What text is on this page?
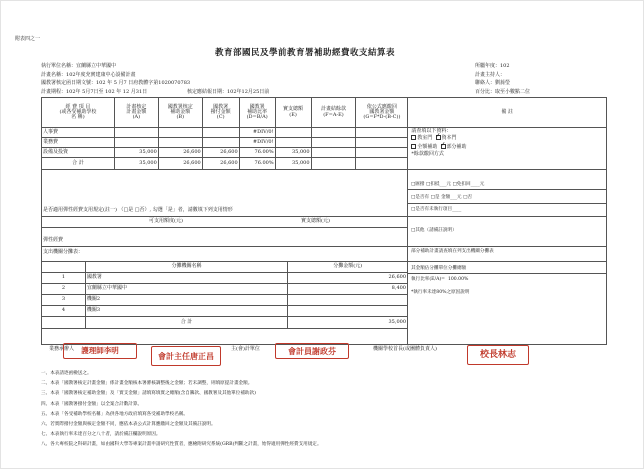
附表四之一
教育部國民及學前教育署補助經費收支結算表
執行單位名稱：宜蘭縣立中華國中
計畫名稱：102年度充實建康中心設備計畫
國教署核定函日期文號：102 年 5 月7 日府教體字第1020070783
計畫期程：102年 5月7日至 102 年 12 月31日	核定應結報日期：102年12月25日前
所屬年度：102
計畫主持人：
聯絡人：劉蕎瑩
百分比：取至小數點二位
經 費 項 目
(或各受補助學校
名 稱)	計畫核定
計畫金額
(A)	國教署核定
補助金額
(B)	國教署
撥付金額
(C)	國教署
補助比率
(D=B/A)	實支總額
(E)	計畫結餘款
(F=A-E)	依公式應繳回
國教署金額
(G=F*D-(B-C))	備 註
人事費				#DIV/0!				請查填以下資料：
教室門 ✓ 資本門
全額補助 ✓ 部分補助
*餘款繳回方式

業務費				#DIV/0!				
設備及投資	35,000	26,600	26,600	76.00%	35,000			
合 計	35,000	26,600	26,600	76.00%	35,000			
是否適用彈性經費支用規定(註一) （□是 □否）, 勾選「是」者，請數填下列支用情形
可支用額度(元)	實支總額(元)
彈性經費
支出機關分攤表：
	分攤機關名稱	分攤金額(元)
1	國教署	26,600
2	宜蘭縣立中華國中	8,400
3	機關2	
4	機關3	
	合 計	35,000
□匯撥 □扣抵___元 □免扣回____元
□是否有 □是 金額___元 □否
□是否有未執行項目____
□其他（請備註說明）
部分補助計畫請查填在列支出機關分攤表
其金額佔分攤單位分攤總額
執行比率(E/A)= 100.00%
*執行率未達80%之原因說明
業務承辦人 護理師李明
會計主任唐正昌
主(會)計單位	會計員謝政芬	機關學校首長(或團體負責人)
校長林志
一、本表請逐函檢送之。
二、本表「國教署核定計畫金額」係計畫金額核本署審核調整後之金額；若未調整，則填原提計畫金額。
三、本表「國教署核定補助金額」及「實支金額」請填寫填實之總額(含自籌款、國教署及其他單位補助款)
四、本表「國教署撥付金額」以全案合計數計算。
五、本表「各受補助學校名稱」為供各地方政府填寫各受補助學校名稱。
六、若實際撥付金額與核定金額不同，應依本表公式計算應繳回之金額及其備註說明。
七、本表執行率未達百分之八十者，請於備註欄說明原因。
八、各大專校院之科研計畫，如由國科大學等專案計畫申請研究性質者，應檢附研究系統(GRB)判斷之計畫，始得適用彈性經費支用規定。
